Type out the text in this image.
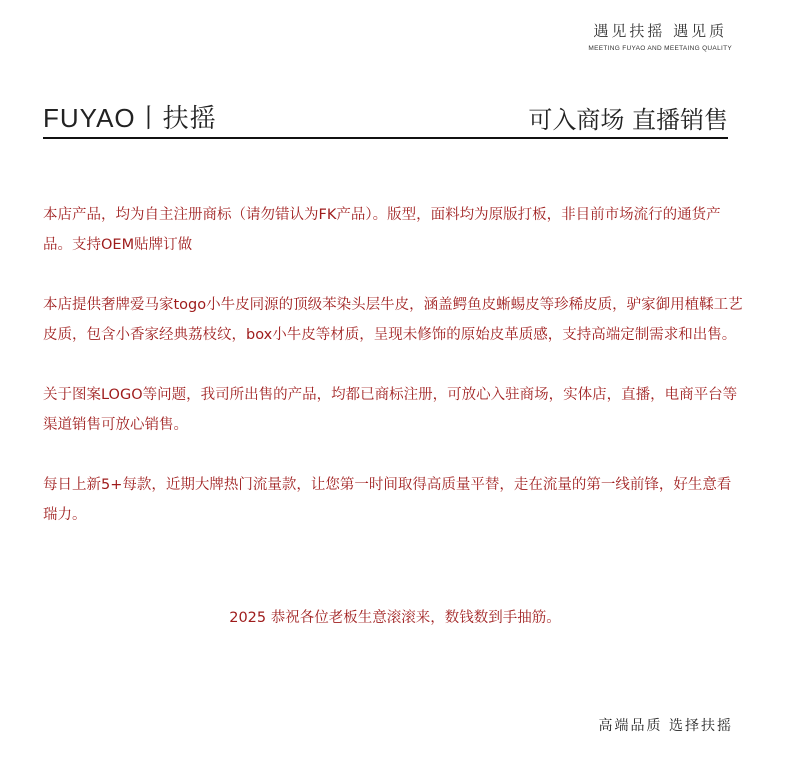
遇见扶摇 遇见质
MEETING FUYAO AND MEETAING QUALITY
FUYAO丨扶摇	可入商场 直播销售

本店产品，均为自主注册商标（请勿错认为FK产品）。版型，面料均为原版打板，非目前市场流行的通货产品。支持OEM贴牌订做

本店提供奢牌爱马家togo小牛皮同源的顶级苯染头层牛皮，涵盖鳄鱼皮蜥蜴皮等珍稀皮质，驴家御用植鞣工艺皮质，包含小香家经典荔枝纹，box小牛皮等材质，呈现未修饰的原始皮革质感，支持高端定制需求和出售。

关于图案LOGO等问题，我司所出售的产品，均都已商标注册，可放心入驻商场，实体店，直播，电商平台等渠道销售可放心销售。

每日上新5+每款，近期大牌热门流量款，让您第一时间取得高质量平替，走在流量的第一线前锋，好生意看瑞力。

2025 恭祝各位老板生意滚滚来，数钱数到手抽筋。
高端品质 选择扶摇
